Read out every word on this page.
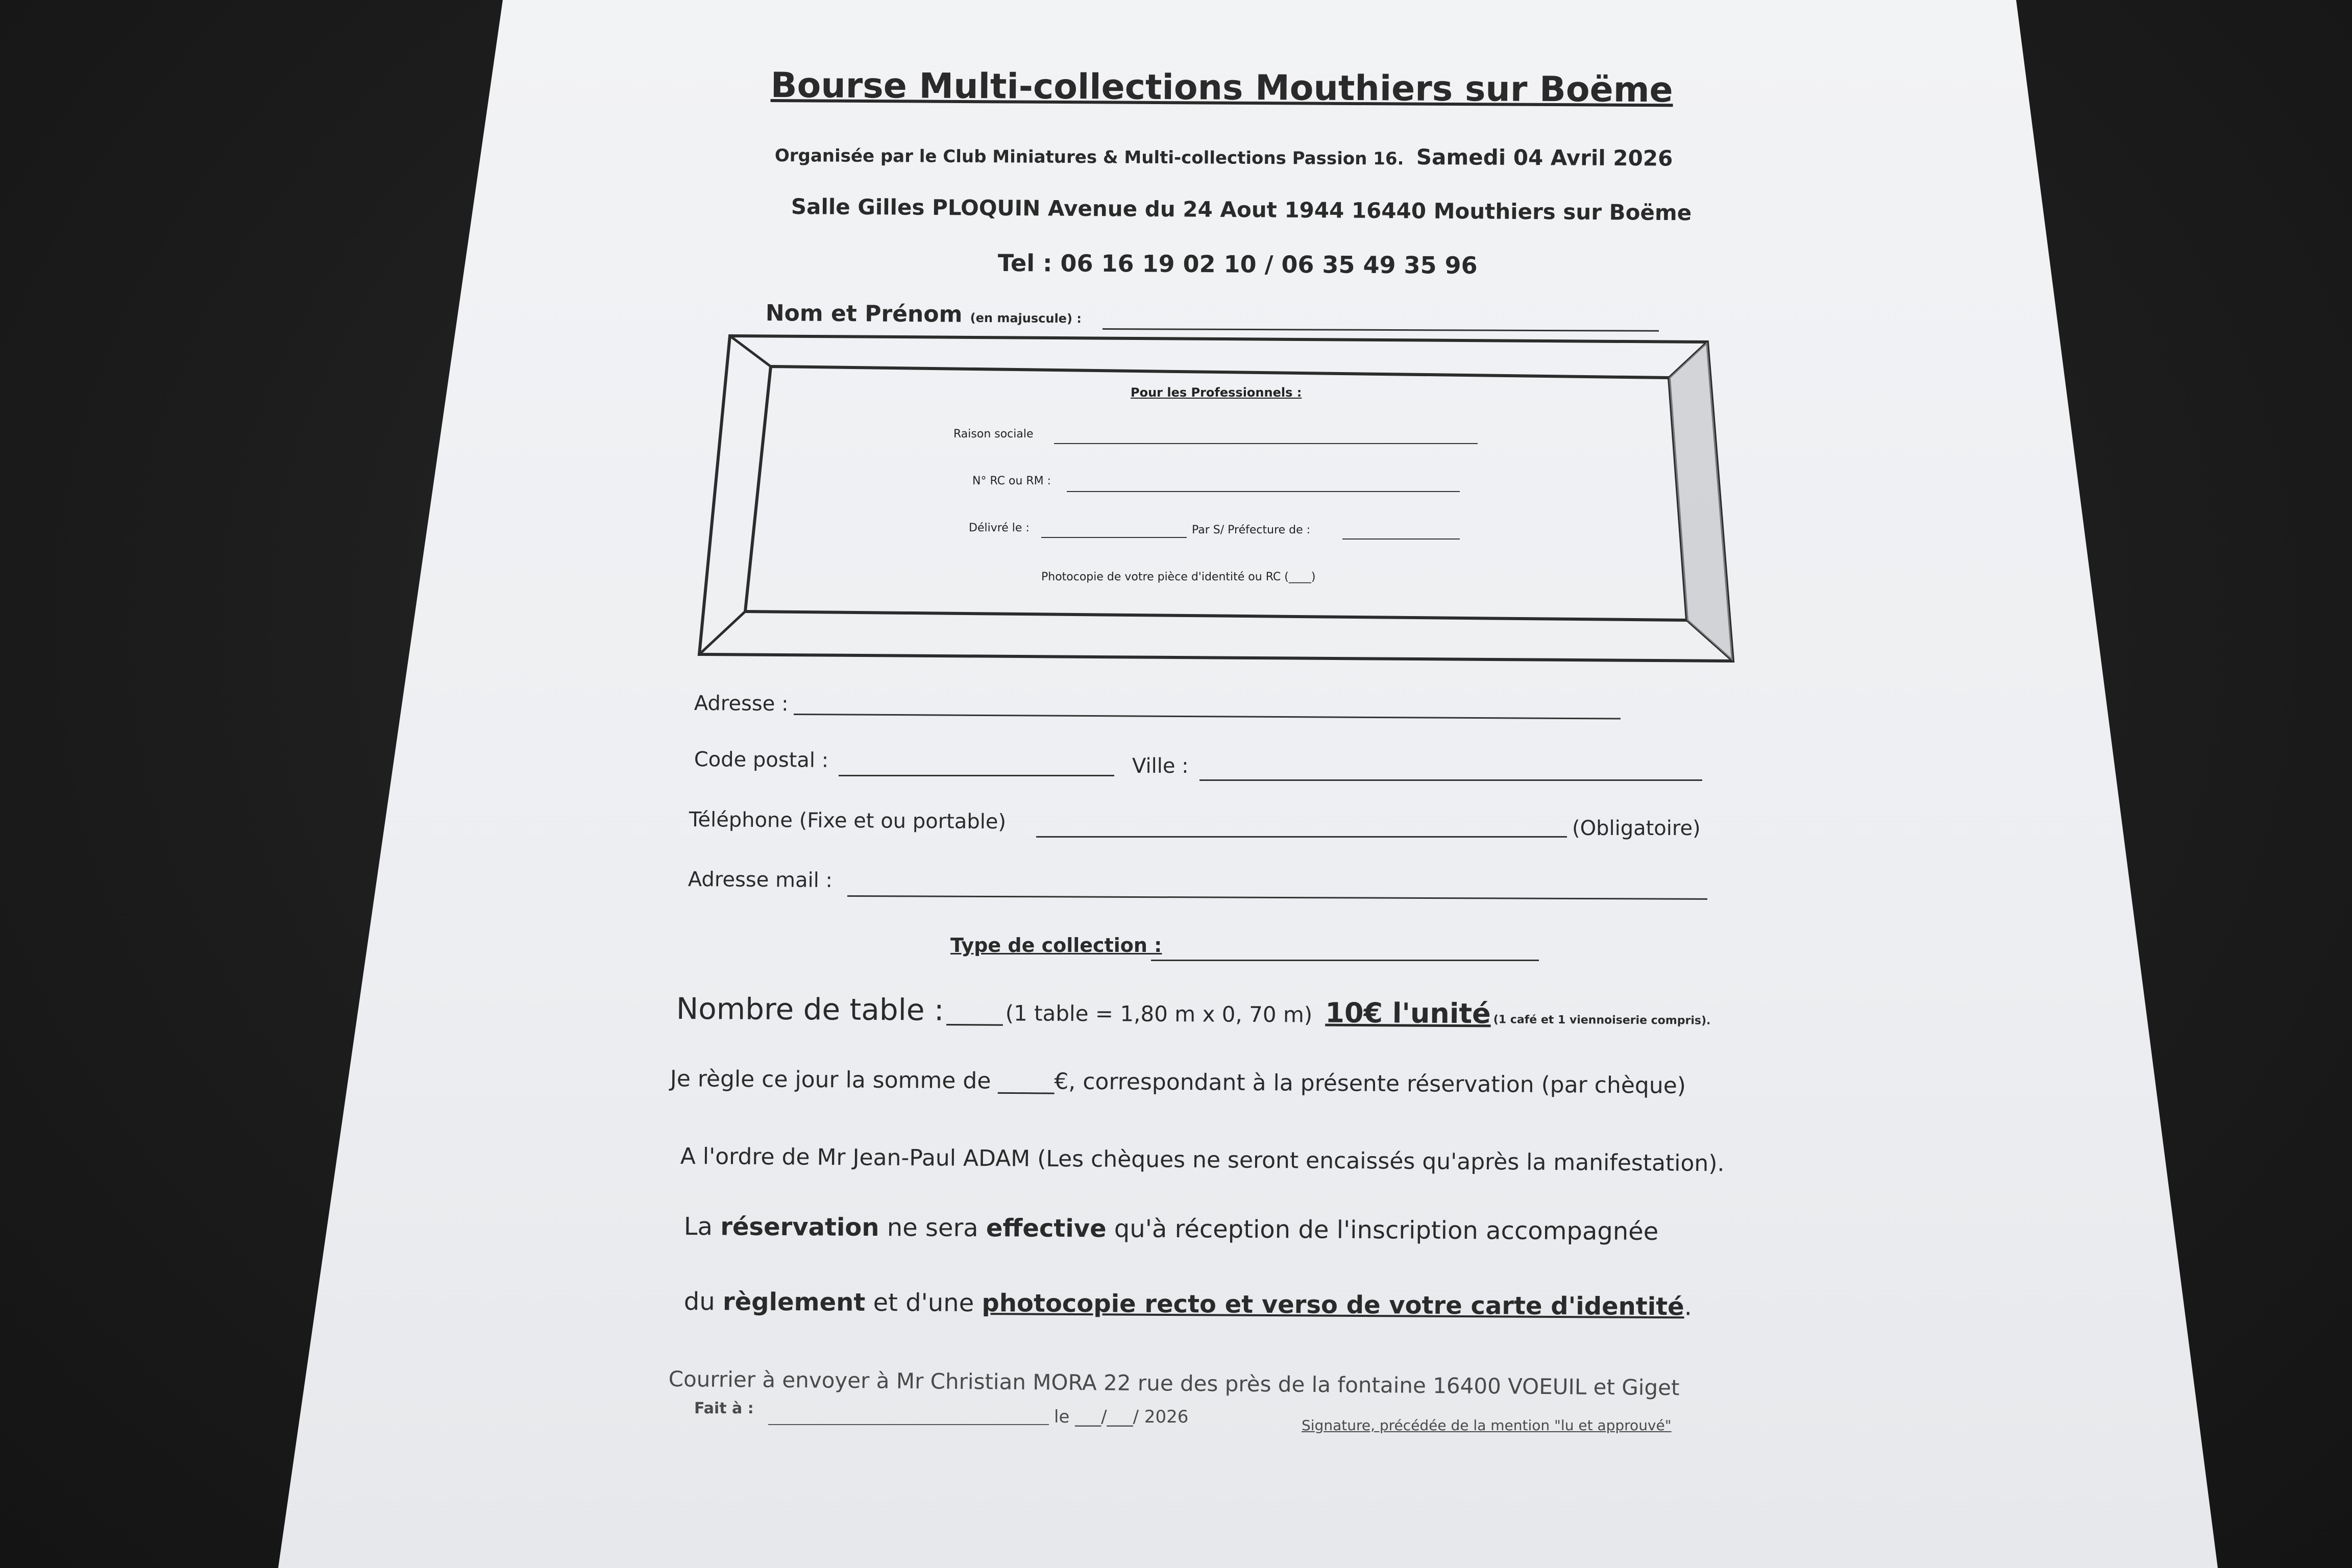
Bourse Multi-collections Mouthiers sur Boëme
Organisée par le Club Miniatures & Multi-collections Passion 16. Samedi 04 Avril 2026
Salle Gilles PLOQUIN Avenue du 24 Aout 1944 16440 Mouthiers sur Boëme
Tel : 06 16 19 02 10 / 06 35 49 35 96
Nom et Prénom (en majuscule) :
Pour les Professionnels :
Raison sociale
N° RC ou RM :
Délivré le :	Par S/ Préfecture de :
Photocopie de votre pièce d'identité ou RC (____)
Adresse :
Code postal :	Ville :
Téléphone (Fixe et ou portable)	(Obligatoire)
Adresse mail :
Type de collection :
Nombre de table : _____ (1 table = 1,80 m x 0, 70 m) 10€ l'unité (1 café et 1 viennoiserie compris).
Je règle ce jour la somme de _____€, correspondant à la présente réservation (par chèque)
A l'ordre de Mr Jean-Paul ADAM (Les chèques ne seront encaissés qu'après la manifestation).
La réservation ne sera effective qu'à réception de l'inscription accompagnée
du règlement et d'une photocopie recto et verso de votre carte d'identité.
Courrier à envoyer à Mr Christian MORA 22 rue des près de la fontaine 16400 VOEUIL et Giget
Fait à :	le ___/___/ 2026	Signature, précédée de la mention "lu et approuvé"
